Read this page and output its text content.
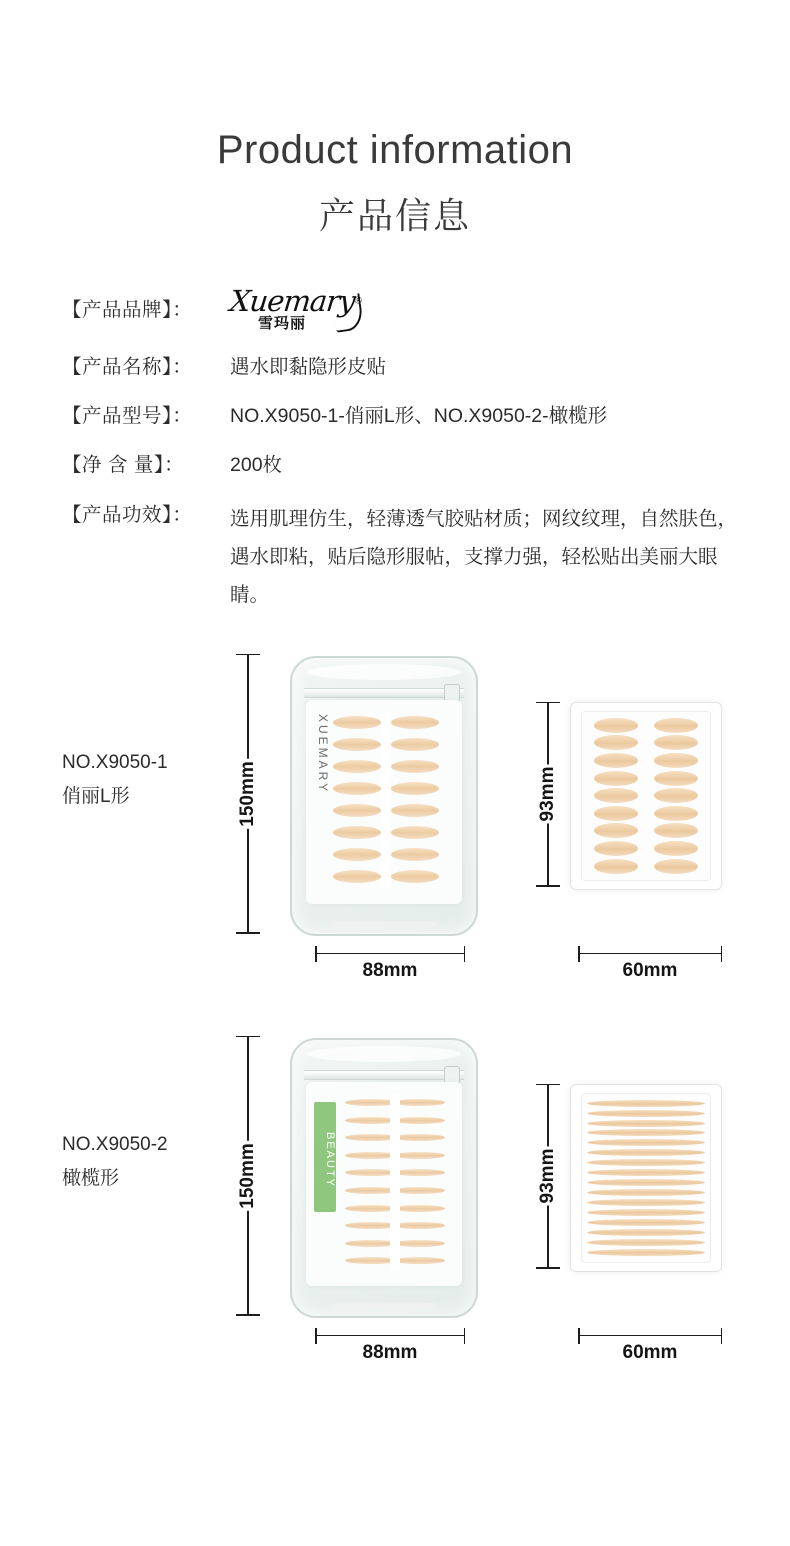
Product information
产品信息
【产品品牌】：	Xuemary®
雪玛丽
【产品名称】：	遇水即黏隐形皮贴
【产品型号】：	NO.X9050-1-俏丽L形、NO.X9050-2-橄榄形
【净 含 量】：	200枚
【产品功效】：	选用肌理仿生，轻薄透气胶贴材质；网纹纹理，自然肤色，遇水即粘，贴后隐形服帖，支撑力强，轻松贴出美丽大眼睛。
NO.X9050-1
俏丽L形	150mm	XUEMARY
88mm
93mm
60mm
NO.X9050-2
橄榄形	150mm	BEAUTY
88mm
93mm
60mm
